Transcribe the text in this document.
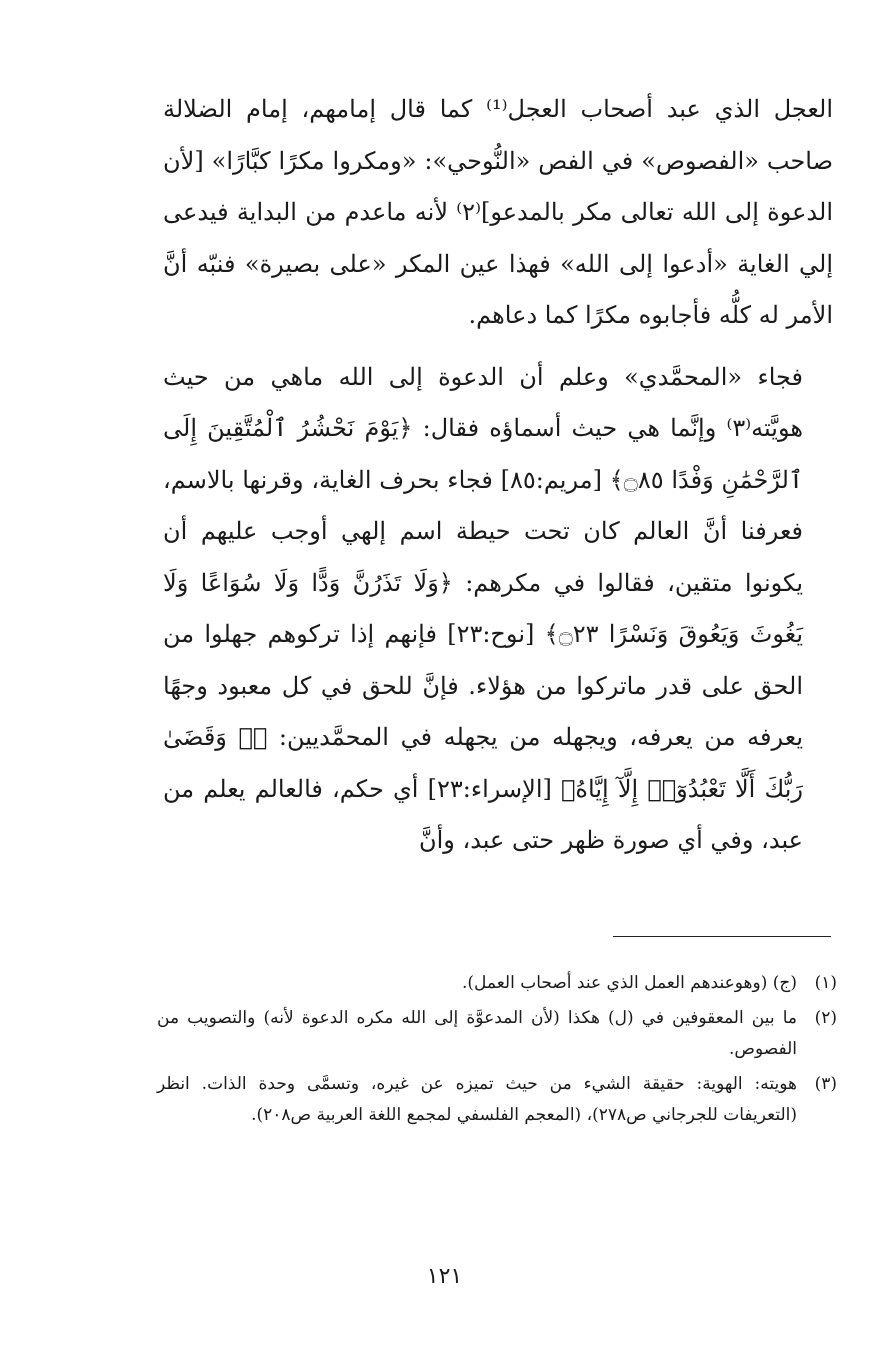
العجل الذي عبد أصحاب العجل⁽¹⁾ كما قال إمامهم، إمام الضلالة صاحب «الفصوص» في الفص «النُّوحي»: «ومكروا مكرًا كبَّارًا» [لأن الدعوة إلى الله تعالى مكر بالمدعو]⁽٢⁾ لأنه ماعدم من البداية فيدعى إلي الغاية «أدعوا إلى الله» فهذا عين المكر «على بصيرة» فنبّه أنَّ الأمر له كلُّه فأجابوه مكرًا كما دعاهم.

فجاء «المحمَّدي» وعلم أن الدعوة إلى الله ماهي من حيث هويَّته⁽٣⁾ وإنَّما هي حيث أسماؤه فقال: ﴿يَوْمَ نَحْشُرُ ٱلْمُتَّقِينَ إِلَى ٱلرَّحْمَٰنِ وَفْدًا ۝٨٥﴾ [مريم:٨٥] فجاء بحرف الغاية، وقرنها بالاسم، فعرفنا أنَّ العالم كان تحت حيطة اسم إلهي أوجب عليهم أن يكونوا متقين، فقالوا في مكرهم: ﴿وَلَا تَذَرُنَّ وَدًّا وَلَا سُوَاعًا وَلَا يَغُوثَ وَيَعُوقَ وَنَسْرًا ۝٢٣﴾ [نوح:٢٣] فإنهم إذا تركوهم جهلوا من الحق على قدر ماتركوا من هؤلاء. فإنَّ للحق في كل معبود وجهًا يعرفه من يعرفه، ويجهله من يجهله في المحمَّديين: ﴿۞ وَقَضَىٰ رَبُّكَ أَلَّا تَعْبُدُوٓا۟ إِلَّآ إِيَّاهُ﴾ [الإسراء:٢٣] أي حكم، فالعالم يعلم من عبد، وفي أي صورة ظهر حتى عبد، وأنَّ

(١)
(ج) (وهوعندهم العمل الذي عند أصحاب العمل).
(٢)
ما بين المعقوفين في (ل) هكذا (لأن المدعوَّة إلى الله مكره الدعوة لأنه) والتصويب من الفصوص.
(٣)
هويته: الهوية: حقيقة الشيء من حيث تميزه عن غيره، وتسمَّى وحدة الذات. انظر (التعريفات للجرجاني ص٢٧٨)، (المعجم الفلسفي لمجمع اللغة العربية ص٢٠٨).
١٢١
